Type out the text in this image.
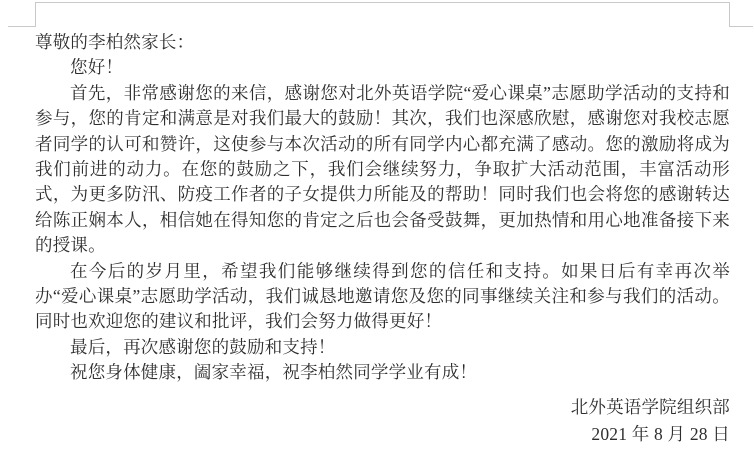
尊敬的李柏然家长：

您好！

首先，非常感谢您的来信，感谢您对北外英语学院“爱心课桌”志愿助学活动的支持和参与，您的肯定和满意是对我们最大的鼓励！其次，我们也深感欣慰，感谢您对我校志愿者同学的认可和赞许，这使参与本次活动的所有同学内心都充满了感动。您的激励将成为我们前进的动力。在您的鼓励之下，我们会继续努力，争取扩大活动范围，丰富活动形式，为更多防汛、防疫工作者的子女提供力所能及的帮助！同时我们也会将您的感谢转达给陈正娴本人，相信她在得知您的肯定之后也会备受鼓舞，更加热情和用心地准备接下来的授课。

在今后的岁月里，希望我们能够继续得到您的信任和支持。如果日后有幸再次举办“爱心课桌”志愿助学活动，我们诚恳地邀请您及您的同事继续关注和参与我们的活动。同时也欢迎您的建议和批评，我们会努力做得更好！

最后，再次感谢您的鼓励和支持！

祝您身体健康，阖家幸福，祝李柏然同学学业有成！

北外英语学院组织部

2021 年 8 月 28 日
